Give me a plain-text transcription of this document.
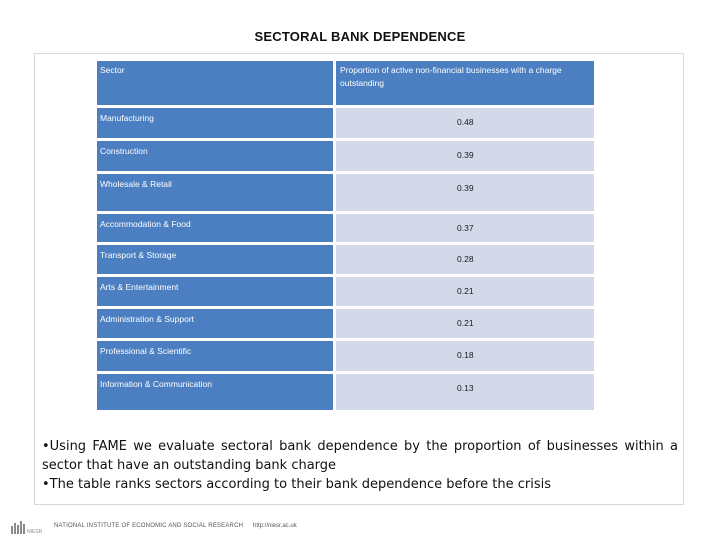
SECTORAL BANK DEPENDENCE
Sector	Proportion of active non-financial businesses with a charge outstanding
Manufacturing	0.48
Construction	0.39
Wholesale & Retail	0.39
Accommodation & Food	0.37
Transport & Storage	0.28
Arts & Entertainment	0.21
Administration & Support	0.21
Professional & Scientific	0.18
Information & Communication	0.13

•Using FAME we evaluate sectoral bank dependence by the proportion of businesses within a sector that have an outstanding bank charge

•The table ranks sectors according to their bank dependence before the crisis

NIESR
NATIONAL INSTITUTE OF ECONOMIC AND SOCIAL RESEARCH http://niesr.ac.uk
